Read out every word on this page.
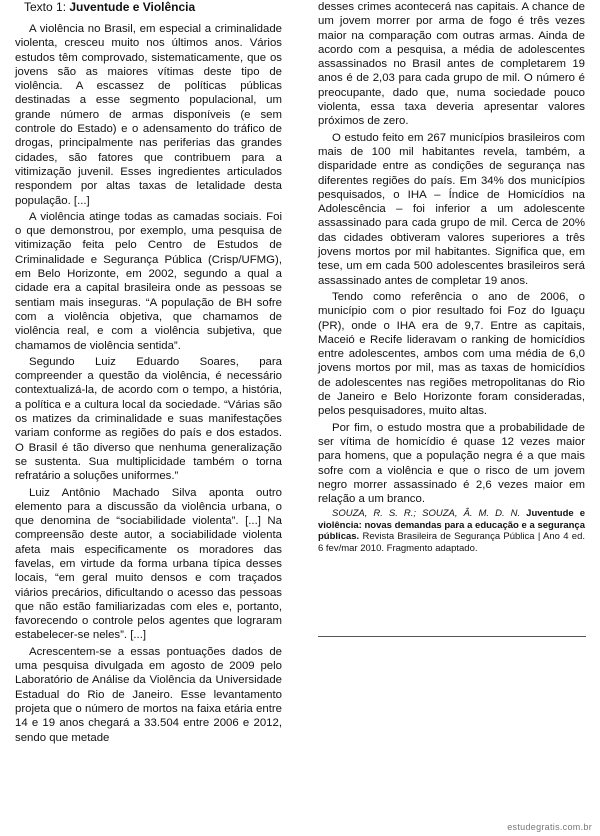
Texto 1: Juventude e Violência

A violência no Brasil, em especial a criminalidade violenta, cresceu muito nos últimos anos. Vários estudos têm comprovado, sistematicamente, que os jovens são as maiores vítimas deste tipo de violência. A escassez de políticas públicas destinadas a esse segmento populacional, um grande número de armas disponíveis (e sem controle do Estado) e o adensamento do tráfico de drogas, principalmente nas periferias das grandes cidades, são fatores que contribuem para a vitimização juvenil. Esses ingredientes articulados respondem por altas taxas de letalidade desta população. [...]

A violência atinge todas as camadas sociais. Foi o que demonstrou, por exemplo, uma pesquisa de vitimização feita pelo Centro de Estudos de Criminalidade e Segurança Pública (Crisp/UFMG), em Belo Horizonte, em 2002, segundo a qual a cidade era a capital brasileira onde as pessoas se sentiam mais inseguras. “A população de BH sofre com a violência objetiva, que chamamos de violência real, e com a violência subjetiva, que chamamos de violência sentida”.

Segundo Luiz Eduardo Soares, para compreender a questão da violência, é necessário contextualizá-la, de acordo com o tempo, a história, a política e a cultura local da sociedade. “Várias são os matizes da criminalidade e suas manifestações variam conforme as regiões do país e dos estados. O Brasil é tão diverso que nenhuma generalização se sustenta. Sua multiplicidade também o torna refratário a soluções uniformes.”

Luiz Antônio Machado Silva aponta outro elemento para a discussão da violência urbana, o que denomina de “sociabilidade violenta”. [...] Na compreensão deste autor, a sociabilidade violenta afeta mais especificamente os moradores das favelas, em virtude da forma urbana típica desses locais, “em geral muito densos e com traçados viários precários, dificultando o acesso das pessoas que não estão familiarizadas com eles e, portanto, favorecendo o controle pelos agentes que lograram estabelecer-se neles”. [...]

Acrescentem-se a essas pontuações dados de uma pesquisa divulgada em agosto de 2009 pelo Laboratório de Análise da Violência da Universidade Estadual do Rio de Janeiro. Esse levantamento projeta que o número de mortos na faixa etária entre 14 e 19 anos chegará a 33.504 entre 2006 e 2012, sendo que metade

desses crimes acontecerá nas capitais. A chance de um jovem morrer por arma de fogo é três vezes maior na comparação com outras armas. Ainda de acordo com a pesquisa, a média de adolescentes assassinados no Brasil antes de completarem 19 anos é de 2,03 para cada grupo de mil. O número é preocupante, dado que, numa sociedade pouco violenta, essa taxa deveria apresentar valores próximos de zero.

O estudo feito em 267 municípios brasileiros com mais de 100 mil habitantes revela, também, a disparidade entre as condições de segurança nas diferentes regiões do país. Em 34% dos municípios pesquisados, o IHA – Índice de Homicídios na Adolescência – foi inferior a um adolescente assassinado para cada grupo de mil. Cerca de 20% das cidades obtiveram valores superiores a três jovens mortos por mil habitantes. Significa que, em tese, um em cada 500 adolescentes brasileiros será assassinado antes de completar 19 anos.

Tendo como referência o ano de 2006, o município com o pior resultado foi Foz do Iguaçu (PR), onde o IHA era de 9,7. Entre as capitais, Maceió e Recife lideravam o ranking de homicídios entre adolescentes, ambos com uma média de 6,0 jovens mortos por mil, mas as taxas de homicídios de adolescentes nas regiões metropolitanas do Rio de Janeiro e Belo Horizonte foram consideradas, pelos pesquisadores, muito altas.

Por fim, o estudo mostra que a probabilidade de ser vítima de homicídio é quase 12 vezes maior para homens, que a população negra é a que mais sofre com a violência e que o risco de um jovem negro morrer assassinado é 2,6 vezes maior em relação a um branco.

SOUZA, R. S. R.; SOUZA, Â. M. D. N. Juventude e violência: novas demandas para a educação e a segurança públicas. Revista Brasileira de Segurança Pública | Ano 4 ed. 6 fev/mar 2010. Fragmento adaptado.

estudegratis.com.br
